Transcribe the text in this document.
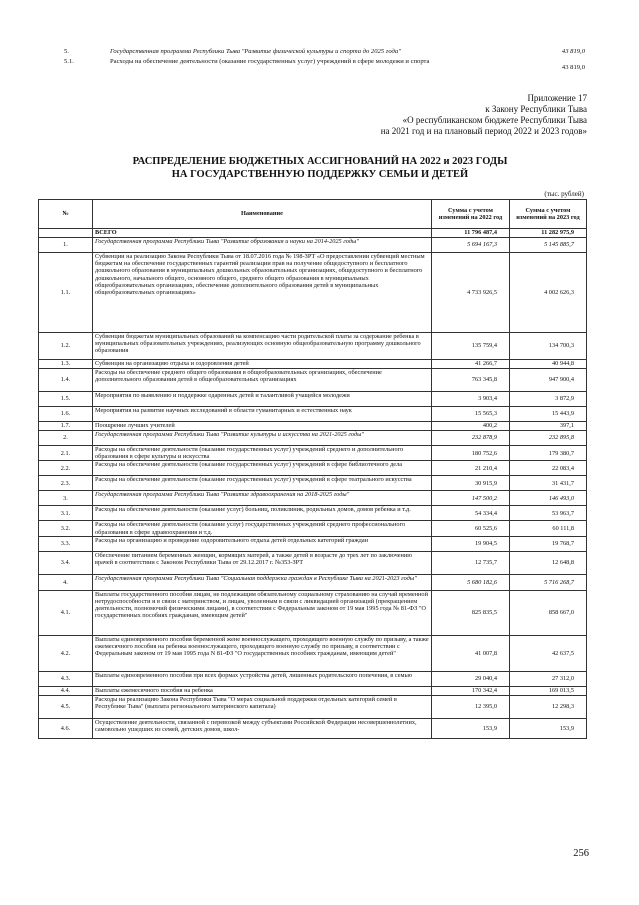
5.	Государственная программа Республики Тыва "Развитие физической культуры и спорта до 2025 года"	43 819,0
5.1.	Расходы на обеспечение деятельности (оказание государственных услуг) учреждений в сфере молодежи и спорта
43 819,0
Приложение 17
к Закону Республики Тыва
«О республиканском бюджете Республики Тыва
на 2021 год и на плановый период 2022 и 2023 годов»
РАСПРЕДЕЛЕНИЕ БЮДЖЕТНЫХ АССИГНОВАНИЙ НА 2022 и 2023 ГОДЫ
НА ГОСУДАРСТВЕННУЮ ПОДДЕРЖКУ СЕМЬИ И ДЕТЕЙ
(тыс. рублей)
№	Наименование	Сумма с учетом изменений на 2022 год	Сумма с учетом изменений на 2023 год
	ВСЕГО	11 796 487,4	11 282 975,9
1.	Государственная программа Республики Тыва "Развитие образования и науки на 2014-2025 годы"	5 694 167,3	5 145 885,7
1.1.	Субвенции на реализацию Закона Республики Тыва от 18.07.2016 года № 198-ЗРТ «О предоставлении субвенций местным бюджетам на обеспечение государственных гарантий реализации прав на получение общедоступного и бесплатного дошкольного образования в муниципальных дошкольных образовательных организациях, общедоступного и бесплатного дошкольного, начального общего, основного общего, среднего общего образования в муниципальных общеобразовательных организациях, обеспечение дополнительного образования детей в муниципальных общеобразовательных организациях»	4 733 926,5	4 002 626,3
1.2.	Субвенции бюджетам муниципальных образований на компенсацию части родительской платы за содержание ребенка в муниципальных образовательных учреждениях, реализующих основную общеобразовательную программу дошкольного образования	135 759,4	134 700,3
1.3.	Субвенция на организацию отдыха и оздоровления детей	41 266,7	40 944,8
1.4.	Расходы на обеспечение среднего общего образования в общеобразовательных организациях, обеспечение дополнительного образования детей в общеобразовательных организациях	763 345,8	947 900,4
1.5.	Мероприятия по выявлению и поддержке одаренных детей и талантливой учащейся молодежи	3 903,4	3 872,9
1.6.	Мероприятия на развитие научных исследований в области гуманитарных и естественных наук	15 565,3	15 443,9
1.7.	Поощрение лучших учителей	400,2	397,1
2.	Государственная программа Республики Тыва "Развитие культуры и искусства на 2021-2025 годы"	232 878,9	232 895,8
2.1.	Расходы на обеспечение деятельности (оказание государственных услуг) учреждений среднего и дополнительного образования в сфере культуры и искусства	180 752,6	179 380,7
2.2.	Расходы на обеспечение деятельности (оказание государственных услуг) учреждений в сфере библиотечного дела	21 210,4	22 083,4
2.3.	Расходы на обеспечение деятельности (оказание государственных услуг) учреждений в сфере театрального искусства	30 915,9	31 431,7
3.	Государственная программа Республики Тыва "Развитие здравоохранения на 2018-2025 годы"	147 500,2	146 493,0
3.1.	Расходы на обеспечение деятельности (оказание услуг) больниц, поликлиник, родильных домов, домов ребенка и т.д.	54 334,4	53 963,7
3.2.	Расходы на обеспечение деятельности (оказание услуг) государственных учреждений среднего профессионального образования в сфере здравоохранения и т.д.	60 525,6	60 111,8
3.3.	Расходы на организацию и проведение оздоровительного отдыха детей отдельных категорий граждан	19 904,5	19 768,7
3.4.	Обеспечение питанием беременных женщин, кормящих матерей, а также детей в возрасте до трех лет по заключению врачей в соответствии с Законом Республики Тыва от 29.12.2017 г. №353-ЗРТ	12 735,7	12 648,8
4.	Государственная программа Республики Тыва "Социальная поддержка граждан в Республике Тыва на 2021-2023 годы"	5 680 182,6	5 716 268,7
4.1.	Выплаты государственного пособия лицам, не подлежащим обязательному социальному страхованию на случай временной нетрудоспособности и в связи с материнством, и лицам, уволенным в связи с ликвидацией организаций (прекращением деятельности, полномочий физическими лицами), в соответствии с Федеральным законом от 19 мая 1995 года № 81-ФЗ "О государственных пособиях гражданам, имеющим детей"	825 835,5	858 667,0
4.2.	Выплаты единовременного пособия беременной жене военнослужащего, проходящего военную службу по призыву, а также ежемесячного пособия на ребенка военнослужащего, проходящего военную службу по призыву, в соответствии с Федеральным законом от 19 мая 1995 года N 81-ФЗ "О государственных пособиях гражданам, имеющим детей"	41 007,8	42 637,5
4.3.	Выплаты единовременного пособия при всех формах устройства детей, лишенных родительского попечения, в семью	29 040,4	27 312,0
4.4.	Выплаты ежемесячного пособия на ребенка	170 342,4	169 013,5
4.5.	Расходы на реализацию Закона Республики Тыва "О мерах социальной поддержки отдельных категорий семей в Республике Тыва" (выплата регионального материнского капитала)	12 395,0	12 298,3
4.6.	Осуществление деятельности, связанной с перевозкой между субъектами Российской Федерации несовершеннолетних, самовольно ушедших из семей, детских домов, школ-	153,9	153,9
256
